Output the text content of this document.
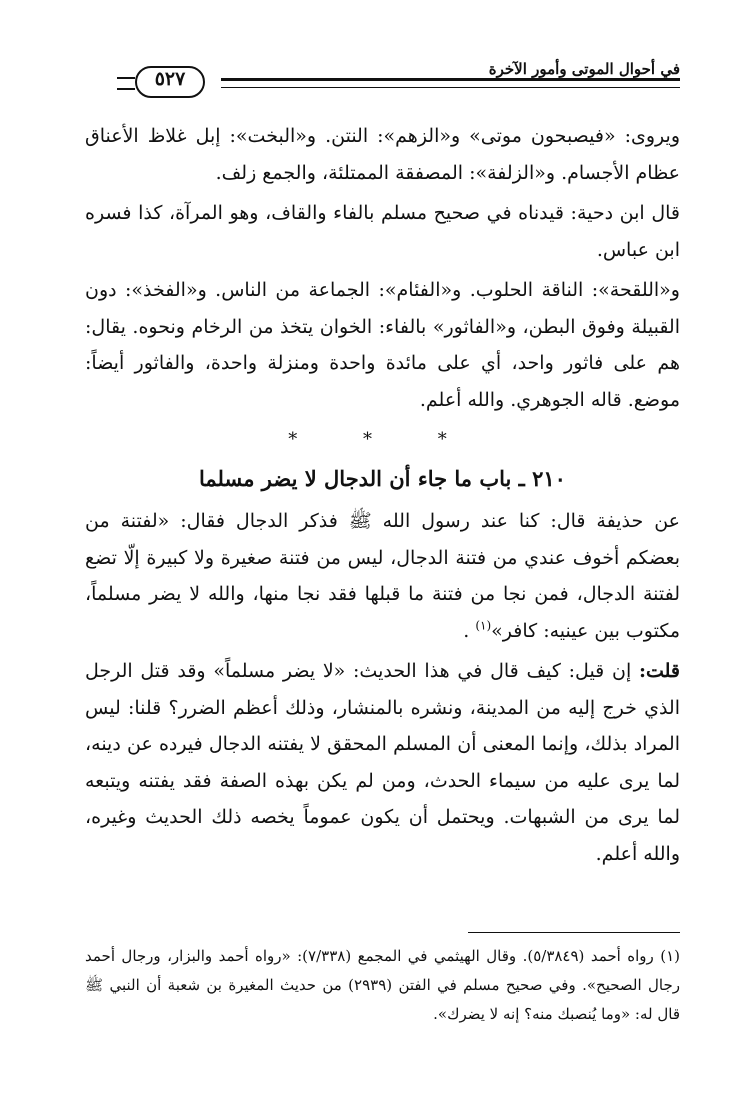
٥٢٧	في أحوال الموتى وأمور الآخرة

ويروى: «فيصبحون موتى» و«الزهم»: النتن. و«البخت»: إبل غلاظ الأعناق عظام الأجسام. و«الزلفة»: المصفقة الممتلئة، والجمع زلف.

قال ابن دحية: قيدناه في صحيح مسلم بالفاء والقاف، وهو المرآة، كذا فسره ابن عباس.

و«اللقحة»: الناقة الحلوب. و«الفئام»: الجماعة من الناس. و«الفخذ»: دون القبيلة وفوق البطن، و«الفاثور» بالفاء: الخوان يتخذ من الرخام ونحوه. يقال: هم على فاثور واحد، أي على مائدة واحدة ومنزلة واحدة، والفاثور أيضاً: موضع. قاله الجوهري. والله أعلم.

* * *
٢١٠ ـ باب ما جاء أن الدجال لا يضر مسلما

عن حذيفة قال: كنا عند رسول الله ﷺ فذكر الدجال فقال: «لفتنة من بعضكم أخوف عندي من فتنة الدجال، ليس من فتنة صغيرة ولا كبيرة إلّا تضع لفتنة الدجال، فمن نجا من فتنة ما قبلها فقد نجا منها، والله لا يضر مسلماً، مكتوب بين عينيه: كافر»$^{(١)}$ .

قلت: إن قيل: كيف قال في هذا الحديث: «لا يضر مسلماً» وقد قتل الرجل الذي خرج إليه من المدينة، ونشره بالمنشار، وذلك أعظم الضرر؟ قلنا: ليس المراد بذلك، وإنما المعنى أن المسلم المحقق لا يفتنه الدجال فيرده عن دينه، لما يرى عليه من سيماء الحدث، ومن لم يكن بهذه الصفة فقد يفتنه ويتبعه لما يرى من الشبهات. ويحتمل أن يكون عموماً يخصه ذلك الحديث وغيره، والله أعلم.

(١) رواه أحمد (٥/٣٨٤٩). وقال الهيثمي في المجمع (٧/٣٣٨): «رواه أحمد والبزار، ورجال أحمد رجال الصحيح». وفي صحيح مسلم في الفتن (٢٩٣٩) من حديث المغيرة بن شعبة أن النبي ﷺ قال له: «وما يُنصبك منه؟ إنه لا يضرك».
